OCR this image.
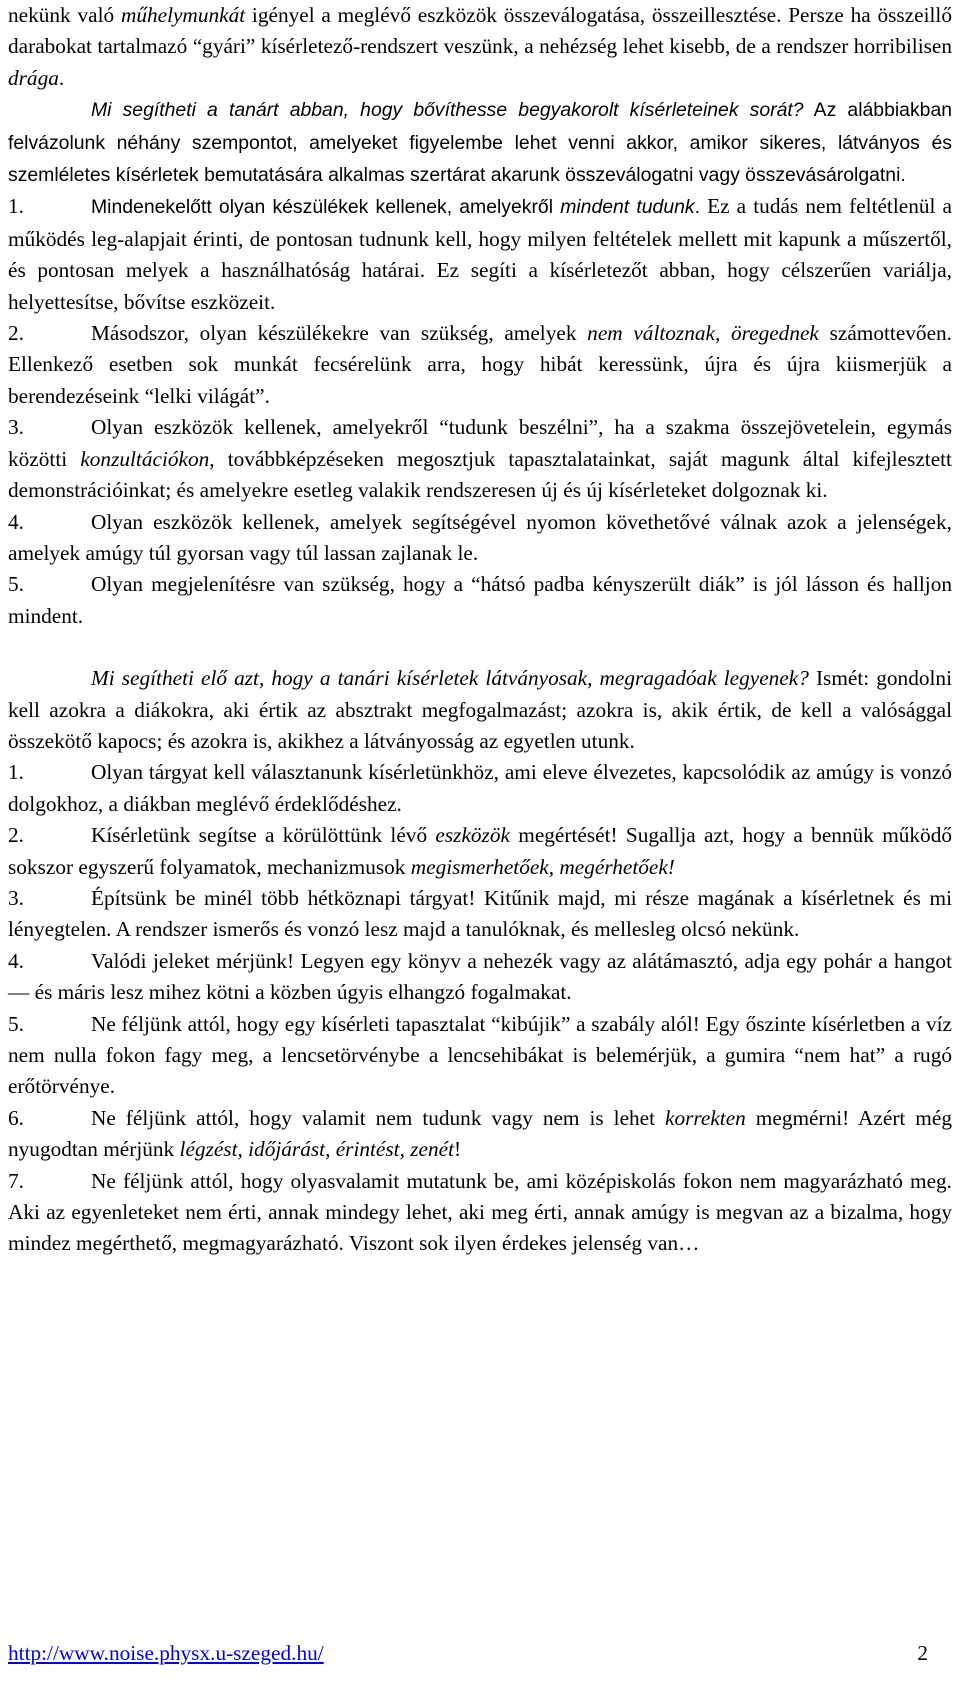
nekünk való műhelymunkát igényel a meglévő eszközök összeválogatása, összeillesztése. Persze ha összeillő darabokat tartalmazó “gyári” kísérletező-rendszert veszünk, a nehézség lehet kisebb, de a rendszer horribilisen drága.

Mi segítheti a tanárt abban, hogy bővíthesse begyakorolt kísérleteinek sorát? Az alábbiakban felvázolunk néhány szempontot, amelyeket figyelembe lehet venni akkor, amikor sikeres, látványos és szemléletes kísérletek bemutatására alkalmas szertárat akarunk összeválogatni vagy összevásárolgatni.

1.	Mindenekelőtt olyan készülékek kellenek, amelyekről mindent tudunk. Ez a tudás nem feltétlenül a működés leg-alapjait érinti, de pontosan tudnunk kell, hogy milyen feltételek mellett mit kapunk a műszertől, és pontosan melyek a használhatóság határai. Ez segíti a kísérletezőt abban, hogy célszerűen variálja, helyettesítse, bővítse eszközeit.

2.	Másodszor, olyan készülékekre van szükség, amelyek nem változnak, öregednek számottevően. Ellenkező esetben sok munkát fecsérelünk arra, hogy hibát keressünk, újra és újra kiismerjük a berendezéseink “lelki világát”.

3.	Olyan eszközök kellenek, amelyekről “tudunk beszélni”, ha a szakma összejövetelein, egymás közötti konzultációkon, továbbképzéseken megosztjuk tapasztalatainkat, saját magunk által kifejlesztett demonstrációinkat; és amelyekre esetleg valakik rendszeresen új és új kísérleteket dolgoznak ki.

4.	Olyan eszközök kellenek, amelyek segítségével nyomon követhetővé válnak azok a jelenségek, amelyek amúgy túl gyorsan vagy túl lassan zajlanak le.

5.	Olyan megjelenítésre van szükség, hogy a “hátsó padba kényszerült diák” is jól lásson és halljon mindent.

Mi segítheti elő azt, hogy a tanári kísérletek látványosak, megragadóak legyenek? Ismét: gondolni kell azokra a diákokra, aki értik az absztrakt megfogalmazást; azokra is, akik értik, de kell a valósággal összekötő kapocs; és azokra is, akikhez a látványosság az egyetlen utunk.

1.	Olyan tárgyat kell választanunk kísérletünkhöz, ami eleve élvezetes, kapcsolódik az amúgy is vonzó dolgokhoz, a diákban meglévő érdeklődéshez.

2.	Kísérletünk segítse a körülöttünk lévő eszközök megértését! Sugallja azt, hogy a bennük működő sokszor egyszerű folyamatok, mechanizmusok megismerhetőek, megérhetőek!

3.	Építsünk be minél több hétköznapi tárgyat! Kitűnik majd, mi része magának a kísérletnek és mi lényegtelen. A rendszer ismerős és vonzó lesz majd a tanulóknak, és mellesleg olcsó nekünk.

4.	Valódi jeleket mérjünk! Legyen egy könyv a nehezék vagy az alátámasztó, adja egy pohár a hangot — és máris lesz mihez kötni a közben úgyis elhangzó fogalmakat.

5.	Ne féljünk attól, hogy egy kísérleti tapasztalat “kibújik” a szabály alól! Egy őszinte kísérletben a víz nem nulla fokon fagy meg, a lencsetörvénybe a lencsehibákat is belemérjük, a gumira “nem hat” a rugó erőtörvénye.

6.	Ne féljünk attól, hogy valamit nem tudunk vagy nem is lehet korrekten megmérni! Azért még nyugodtan mérjünk légzést, időjárást, érintést, zenét!

7.	Ne féljünk attól, hogy olyasvalamit mutatunk be, ami középiskolás fokon nem magyarázható meg. Aki az egyenleteket nem érti, annak mindegy lehet, aki meg érti, annak amúgy is megvan az a bizalma, hogy mindez megérthető, megmagyarázható. Viszont sok ilyen érdekes jelenség van…

http://www.noise.physx.u-szeged.hu/	2
